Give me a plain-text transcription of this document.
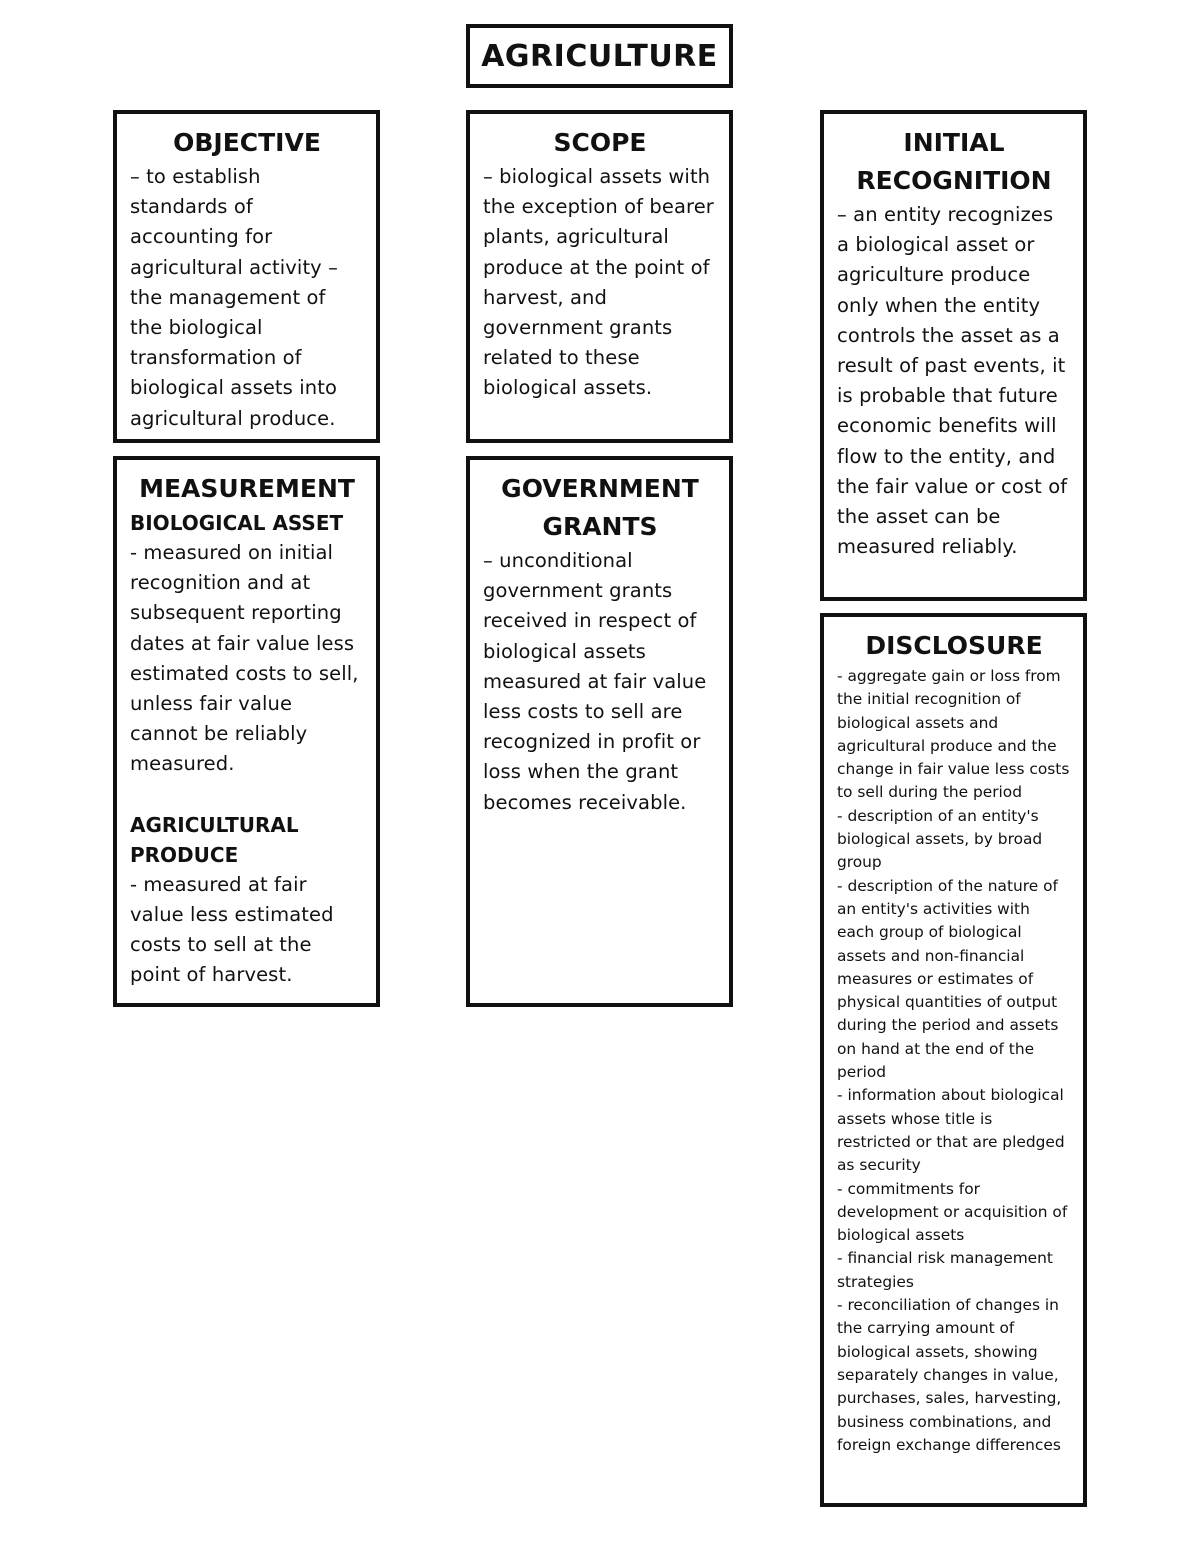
AGRICULTURE
OBJECTIVE

– to establish standards of accounting for agricultural activity – the management of the biological transformation of biological assets into agricultural produce.

SCOPE

– biological assets with the exception of bearer plants, agricultural produce at the point of harvest, and government grants related to these biological assets.

INITIAL RECOGNITION

– an entity recognizes a biological asset or agriculture produce only when the entity controls the asset as a result of past events, it is probable that future economic benefits will flow to the entity, and the fair value or cost of the asset can be measured reliably.

MEASUREMENT

BIOLOGICAL ASSET

- measured on initial recognition and at subsequent reporting dates at fair value less estimated costs to sell, unless fair value cannot be reliably measured.

AGRICULTURAL PRODUCE

- measured at fair value less estimated costs to sell at the point of harvest.

GOVERNMENT GRANTS

– unconditional government grants received in respect of biological assets measured at fair value less costs to sell are recognized in profit or loss when the grant becomes receivable.

DISCLOSURE

- aggregate gain or loss from the initial recognition of biological assets and agricultural produce and the change in fair value less costs to sell during the period

- description of an entity's biological assets, by broad group

- description of the nature of an entity's activities with each group of biological assets and non-financial measures or estimates of physical quantities of output during the period and assets on hand at the end of the period

- information about biological assets whose title is restricted or that are pledged as security

- commitments for development or acquisition of biological assets

- financial risk management strategies

- reconciliation of changes in the carrying amount of biological assets, showing separately changes in value, purchases, sales, harvesting, business combinations, and foreign exchange differences
